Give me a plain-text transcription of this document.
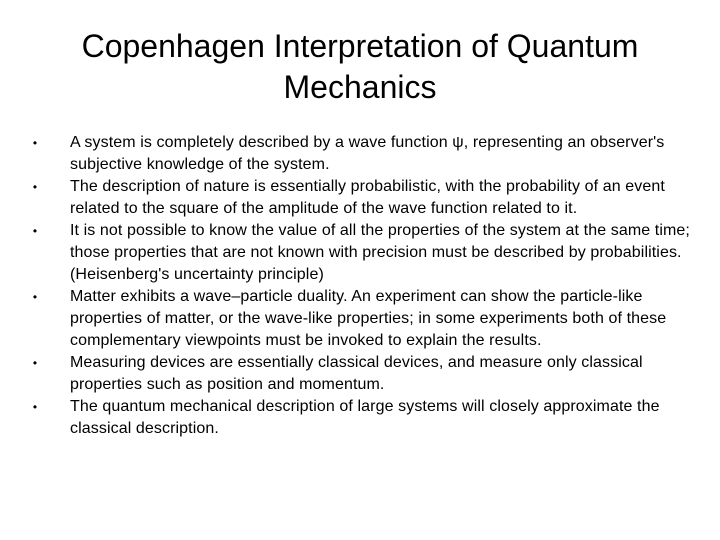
Copenhagen Interpretation of Quantum Mechanics
• A system is completely described by a wave function ψ, representing an observer's subjective knowledge of the system.
• The description of nature is essentially probabilistic, with the probability of an event related to the square of the amplitude of the wave function related to it.
• It is not possible to know the value of all the properties of the system at the same time; those properties that are not known with precision must be described by probabilities. (Heisenberg's uncertainty principle)
• Matter exhibits a wave–particle duality. An experiment can show the particle-like properties of matter, or the wave-like properties; in some experiments both of these complementary viewpoints must be invoked to explain the results.
• Measuring devices are essentially classical devices, and measure only classical properties such as position and momentum.
• The quantum mechanical description of large systems will closely approximate the classical description.
